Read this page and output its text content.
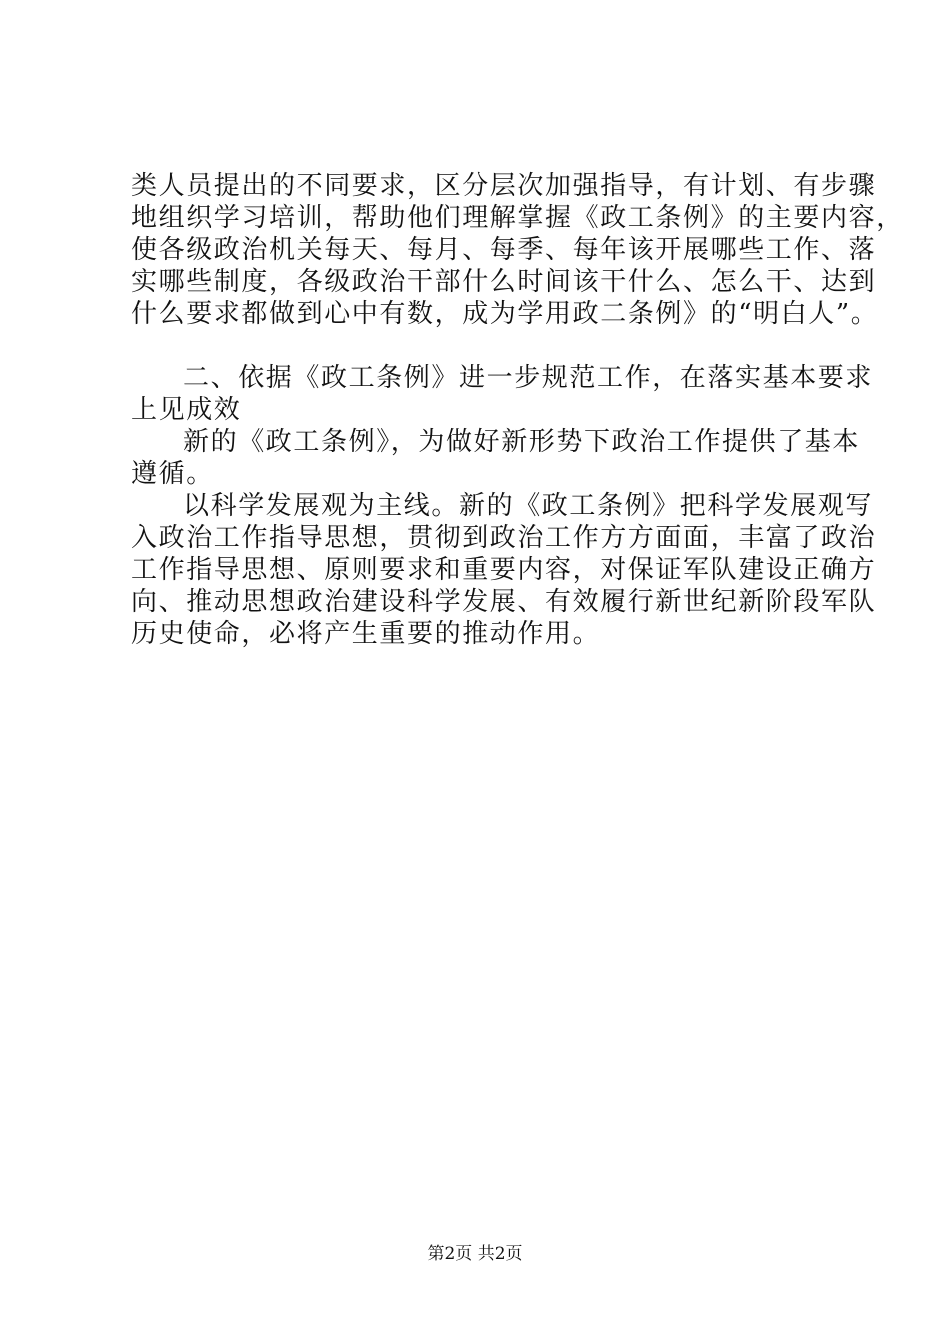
类人员提出的不同要求，区分层次加强指导，有计划、有步骤
地组织学习培训，帮助他们理解掌握《政工条例》的主要内容，
使各级政治机关每天、每月、每季、每年该开展哪些工作、落
实哪些制度，各级政治干部什么时间该干什么、怎么干、达到
什么要求都做到心中有数，成为学用政二条例》的“明白人”。
二、依据《政工条例》进一步规范工作，在落实基本要求
上见成效
新的《政工条例》，为做好新形势下政治工作提供了基本
遵循。
以科学发展观为主线。新的《政工条例》把科学发展观写
入政治工作指导思想，贯彻到政治工作方方面面，丰富了政治
工作指导思想、原则要求和重要内容，对保证军队建设正确方
向、推动思想政治建设科学发展、有效履行新世纪新阶段军队
历史使命，必将产生重要的推动作用。
第2页 共2页
